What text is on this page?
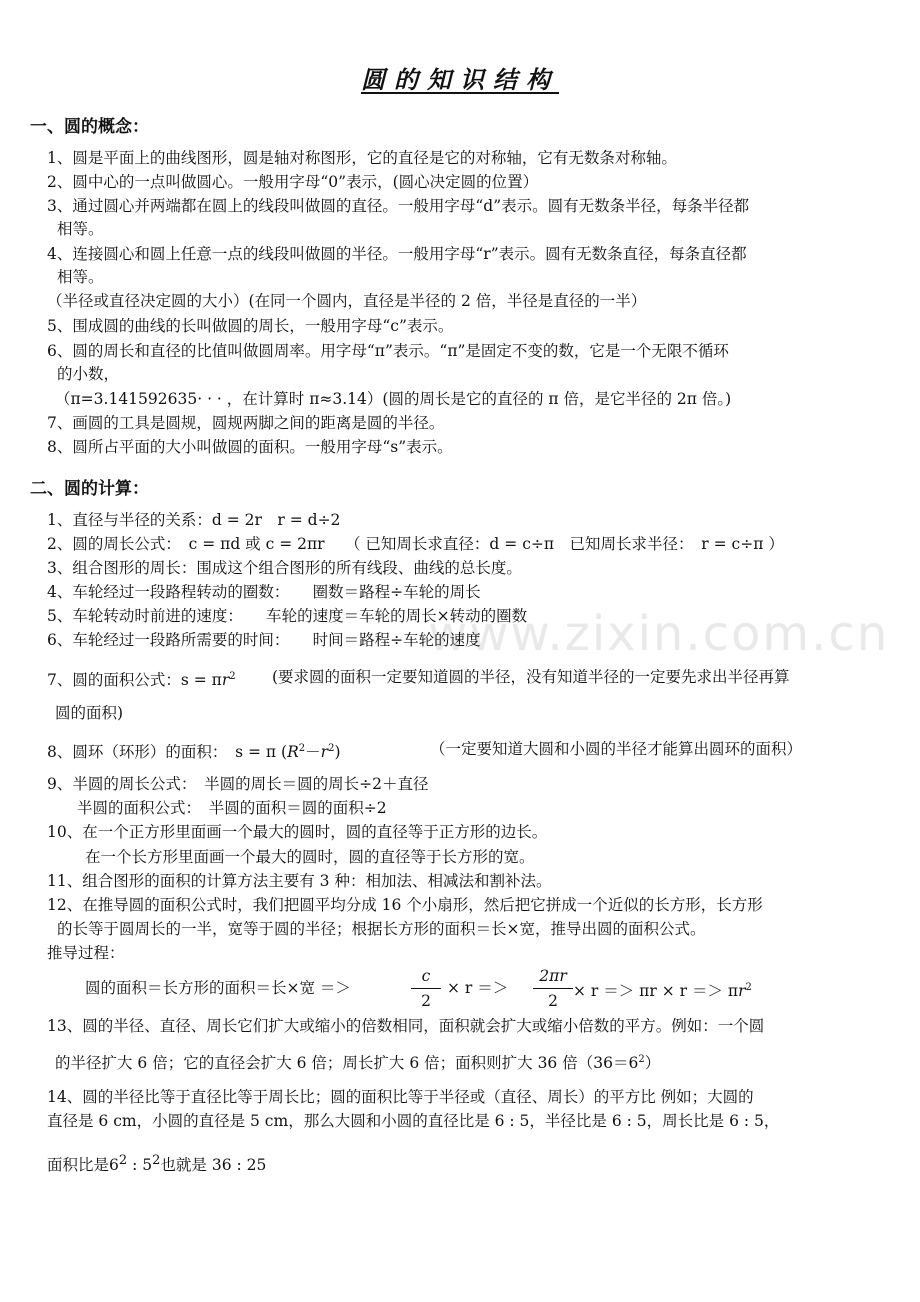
www.zixin.com.cn
圆的知识结构
一、圆的概念：
1、圆是平面上的曲线图形，圆是轴对称图形，它的直径是它的对称轴，它有无数条对称轴。
2、圆中心的一点叫做圆心。一般用字母“0”表示，(圆心决定圆的位置）
3、通过圆心并两端都在圆上的线段叫做圆的直径。一般用字母“d”表示。圆有无数条半径，每条半径都
相等。
4、连接圆心和圆上任意一点的线段叫做圆的半径。一般用字母“r”表示。圆有无数条直径，每条直径都
相等。
（半径或直径决定圆的大小）(在同一个圆内，直径是半径的 2 倍，半径是直径的一半）
5、围成圆的曲线的长叫做圆的周长，一般用字母“c”表示。
6、圆的周长和直径的比值叫做圆周率。用字母“π”表示。“π”是固定不变的数，它是一个无限不循环
的小数，
（π=3.141592635· · · ，在计算时 π≈3.14）(圆的周长是它的直径的 π 倍，是它半径的 2π 倍。)
7、画圆的工具是圆规，圆规两脚之间的距离是圆的半径。
8、圆所占平面的大小叫做圆的面积。一般用字母“s”表示。
二、圆的计算：
1、直径与半径的关系：d = 2r　r = d÷2
2、圆的周长公式：　c = πd 或 c = 2πr　 （ 已知周长求直径：d = c÷π　已知周长求半径：　r = c÷π ）
3、组合图形的周长：围成这个组合图形的所有线段、曲线的总长度。
4、车轮经过一段路程转动的圈数：　　圈数＝路程÷车轮的周长
5、车轮转动时前进的速度：　　车轮的速度＝车轮的周长×转动的圈数
6、车轮经过一段路所需要的时间：　　时间＝路程÷车轮的速度
7、圆的面积公式：$s = \pi r^2$ (要求圆的面积一定要知道圆的半径，没有知道半径的一定要先求出半径再算
圆的面积)
8、圆环（环形）的面积：　s = π $(R^2-r^2)$	（一定要知道大圆和小圆的半径才能算出圆环的面积）
9、半圆的周长公式：　半圆的周长＝圆的周长÷2＋直径
半圆的面积公式：　半圆的面积＝圆的面积÷2
10、在一个正方形里面画一个最大的圆时，圆的直径等于正方形的边长。
在一个长方形里面画一个最大的圆时，圆的直径等于长方形的宽。
11、组合图形的面积的计算方法主要有 3 种：相加法、相减法和割补法。
12、在推导圆的面积公式时，我们把圆平均分成 16 个小扇形，然后把它拼成一个近似的长方形，长方形
的长等于圆周长的一半，宽等于圆的半径；根据长方形的面积＝长×宽，推导出圆的面积公式。
推导过程：
圆的面积＝长方形的面积＝长×宽 ＝＞
c
2
× r ＝＞
2πr
2
× $r => \pi r \times r => \pi r^2$
13、圆的半径、直径、周长它们扩大或缩小的倍数相同，面积就会扩大或缩小倍数的平方。例如：一个圆
的半径扩大 6 倍；它的直径会扩大 6 倍；周长扩大 6 倍；面积则扩大 36 倍$(36=6^2)$
14、圆的半径比等于直径比等于周长比；圆的面积比等于半径或（直径、周长）的平方比 例如；大圆的
直径是 6 cm，小圆的直径是 5 cm，那么大圆和小圆的直径比是 6 : 5，半径比是 6 : 5，周长比是 6 : 5，
面积比是$6^2$ : $5^2$也就是 36 : 25
